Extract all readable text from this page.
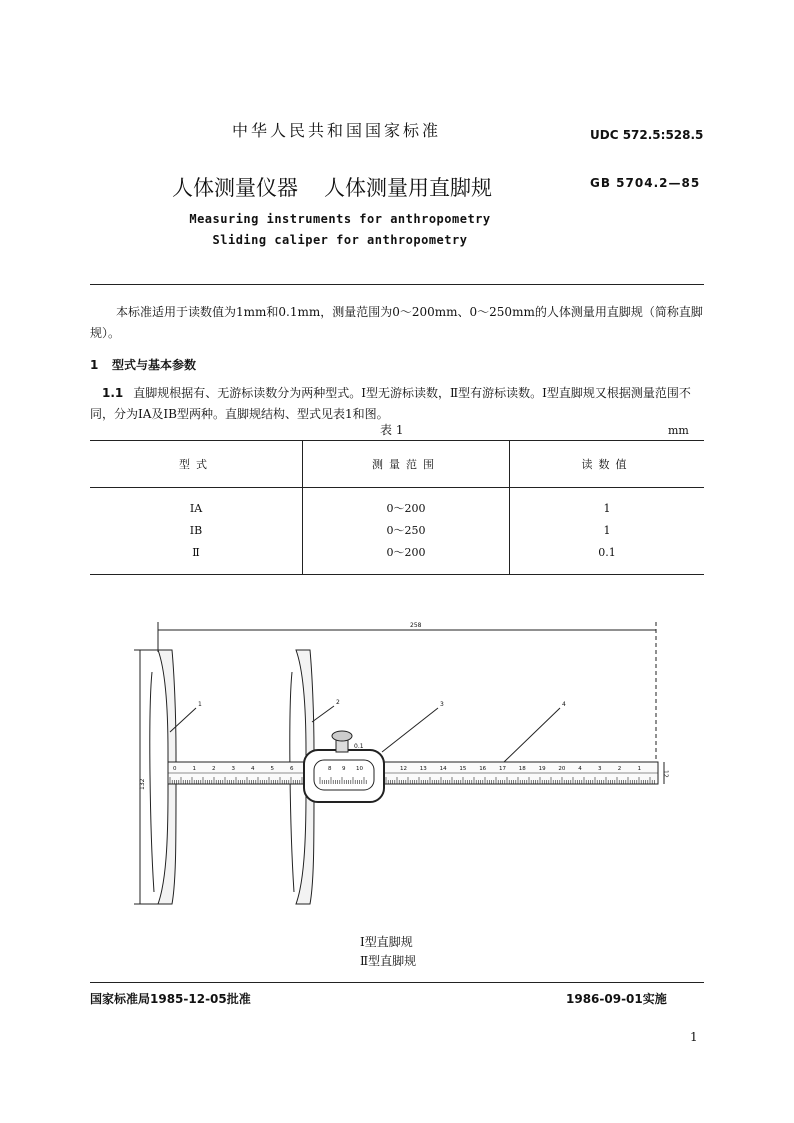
中华人民共和国国家标准	UDC 572.5:528.5
人体测量仪器 人体测量用直脚规	GB 5704.2—85
Measuring instruments for anthropometry
Sliding caliper for anthropometry
本标准适用于读数值为1mm和0.1mm，测量范围为0～200mm、0～250mm的人体测量用直脚规（简称直脚规）。
1 型式与基本参数
1.1 直脚规根据有、无游标读数分为两种型式。Ⅰ型无游标读数，Ⅱ型有游标读数。Ⅰ型直脚规又根据测量范围不同，分为ⅠA及ⅠB型两种。直脚规结构、型式见表1和图。
表 1	mm
型式	测量范围	读数值
ⅠA	0～200	1
ⅠB	0～250	1
Ⅱ	0～200	0.1
258
132
12
0.1
1	2	3	4
0	1	2	3	4	5	6	8 9 10	12 13 14 15 16 17 18 19 20 4	3	2	1
Ⅰ型直脚规
Ⅱ型直脚规
国家标准局1985-12-05批准	1986-09-01实施
1
